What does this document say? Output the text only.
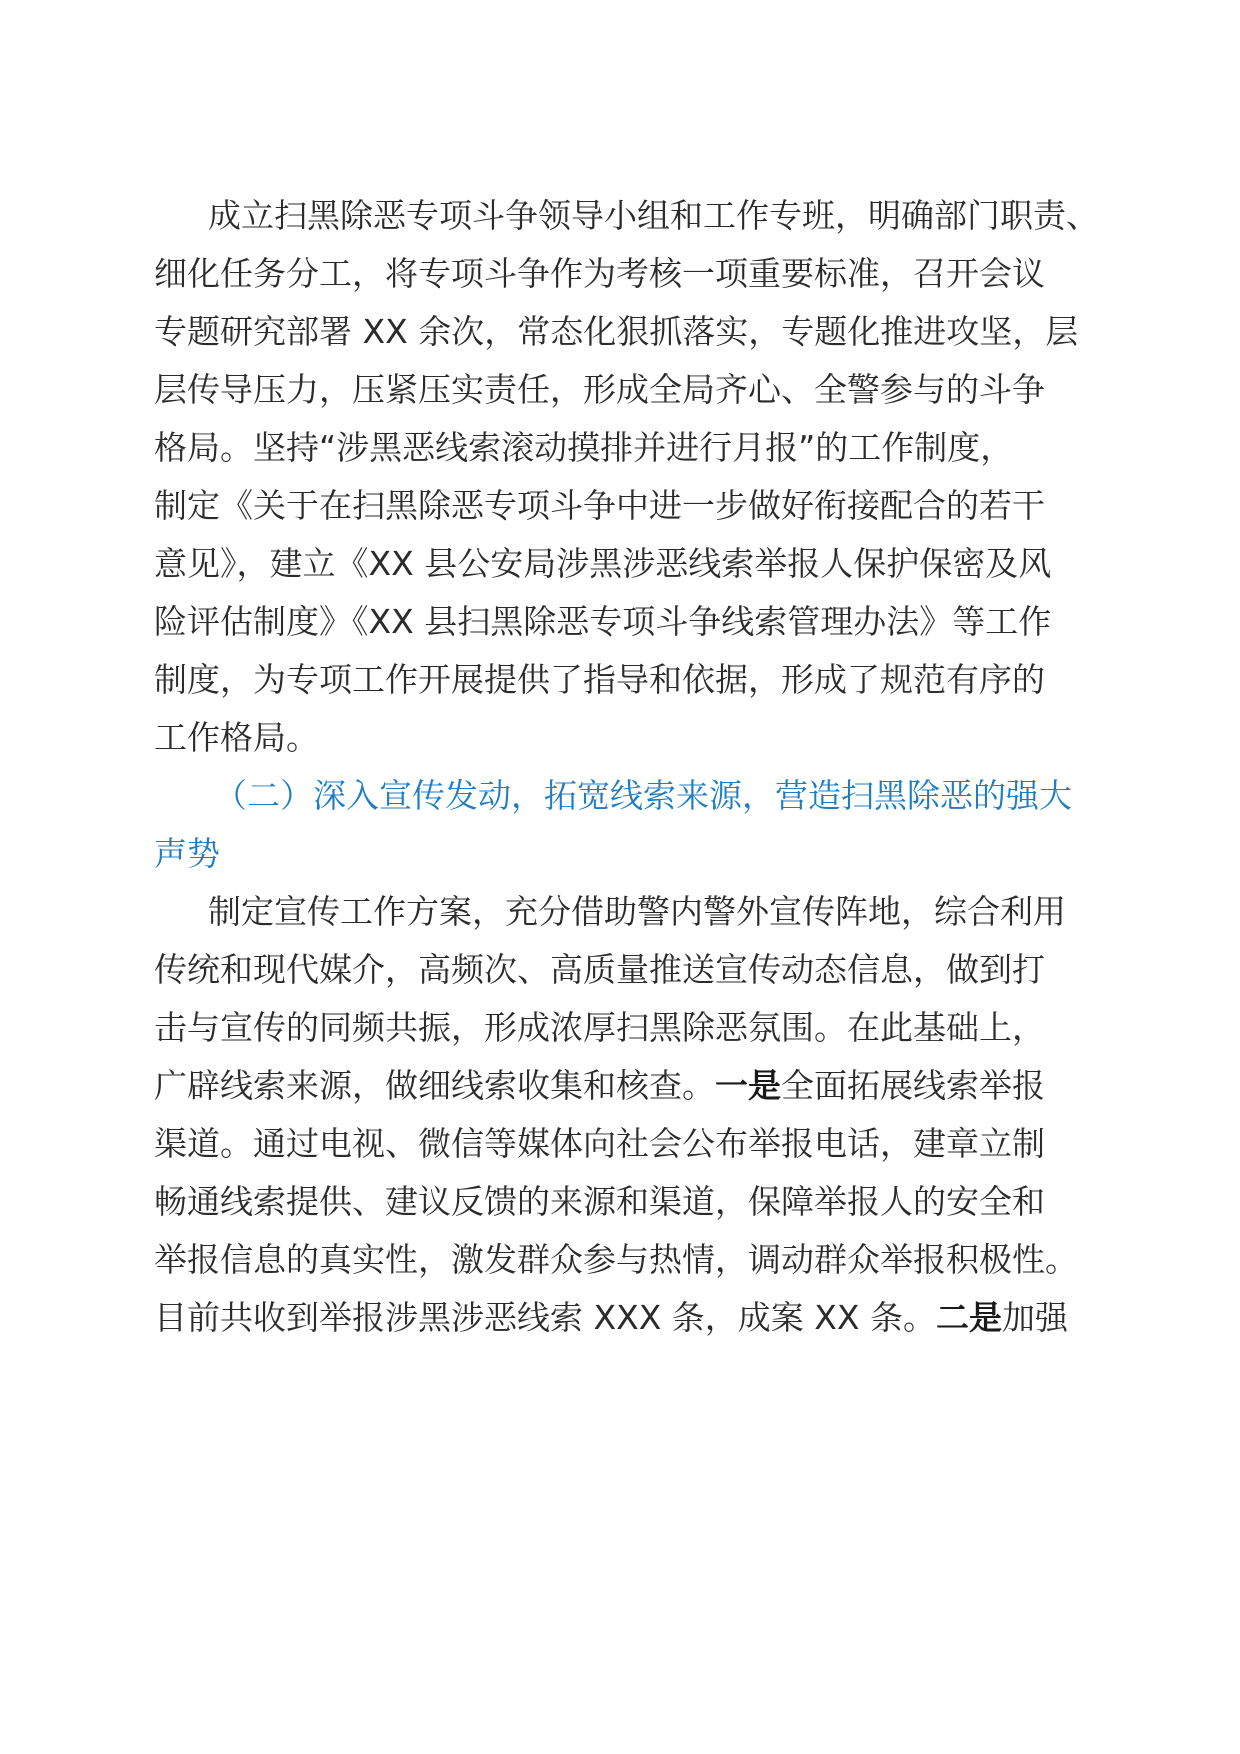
成立扫黑除恶专项斗争领导小组和工作专班，明确部门职责、

细化任务分工，将专项斗争作为考核一项重要标准，召开会议

专题研究部署 XX 余次，常态化狠抓落实，专题化推进攻坚，层

层传导压力，压紧压实责任，形成全局齐心、全警参与的斗争

格局。坚持“涉黑恶线索滚动摸排并进行月报”的工作制度，

制定《关于在扫黑除恶专项斗争中进一步做好衔接配合的若干

意见》，建立《XX 县公安局涉黑涉恶线索举报人保护保密及风

险评估制度》《XX 县扫黑除恶专项斗争线索管理办法》等工作

制度，为专项工作开展提供了指导和依据，形成了规范有序的

工作格局。

（二）深入宣传发动，拓宽线索来源，营造扫黑除恶的强大

声势

制定宣传工作方案，充分借助警内警外宣传阵地，综合利用

传统和现代媒介，高频次、高质量推送宣传动态信息，做到打

击与宣传的同频共振，形成浓厚扫黑除恶氛围。在此基础上，

广辟线索来源，做细线索收集和核查。一是全面拓展线索举报

渠道。通过电视、微信等媒体向社会公布举报电话，建章立制

畅通线索提供、建议反馈的来源和渠道，保障举报人的安全和

举报信息的真实性，激发群众参与热情，调动群众举报积极性。

目前共收到举报涉黑涉恶线索 XXX 条，成案 XX 条。二是加强
